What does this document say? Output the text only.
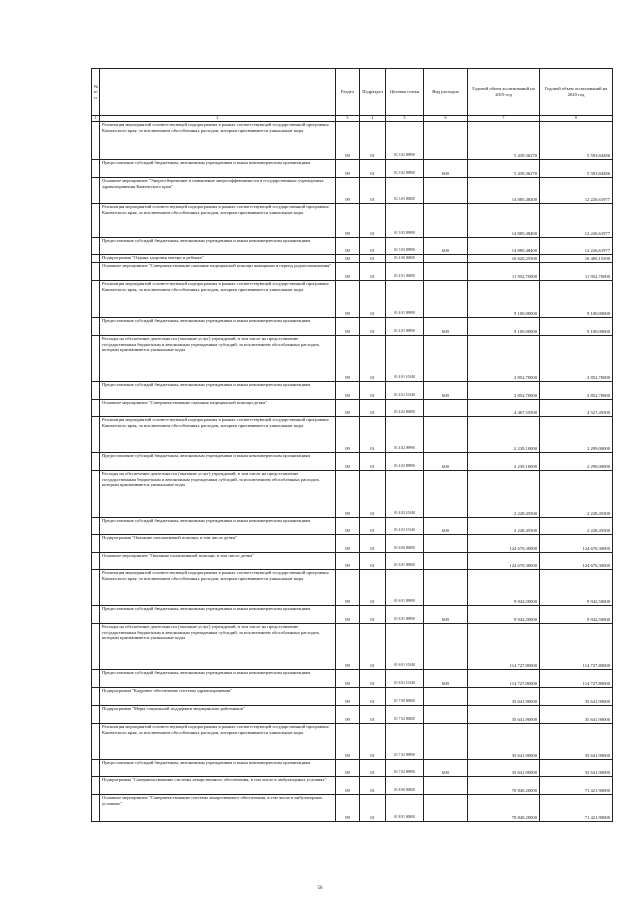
№ п/п		Раздел	Подраздел	Целевая статья	Вид расходов	Годовой объем ассигнований на 2019 год	Годовой объем ассигнований на 2020 год
1	2	3	4	5	6	7	8
	Реализация мероприятий соответствующей подпрограммы в рамках соответствующей государственной программы Камчатского края, за исключением обособленных расходов, которым присваиваются уникальные коды	09	01	01 3 02 09990		5 439,36270	5 593,84486
	Предоставление субсидий бюджетным, автономным учреждениям и иным некоммерческим организациям	09	01	01 3 02 09990	600	5 439,36270	5 593,84486
	Основное мероприятие "Энергосбережение и повышение энергоэффективности в государственных учреждениях здравоохранения Камчатского края"	09	01	01 3 03 00000		14 885,48400	12 226,61977
	Реализация мероприятий соответствующей подпрограммы в рамках соответствующей государственной программы Камчатского края, за исключением обособленных расходов, которым присваиваются уникальные коды	09	01	01 3 03 09990		14 885,48400	12 226,61977
	Предоставление субсидий бюджетным, автономным учреждениям и иным некоммерческим организациям	09	01	01 3 03 09990	600	14 885,48400	12 226,61977
	Подпрограмма "Охрана здоровья матери и ребенка"	09	01	01 4 00 00000		16 620,25500	16 480,15500
	Основное мероприятие "Совершенствование оказания медицинской помощи женщинам в период родовспоможения"	09	01	01 4 01 00000		11 952,70000	11 952,70000
	Реализация мероприятий соответствующей подпрограммы в рамках соответствующей государственной программы Камчатского края, за исключением обособленных расходов, которым присваиваются уникальные коды	09	01	01 4 01 09990		9 100,00000	9 100,00000
	Предоставление субсидий бюджетным, автономным учреждениям и иным некоммерческим организациям	09	01	01 4 01 09990	600	9 100,00000	9 100,00000
	Расходы на обеспечение деятельности (оказание услуг) учреждений, в том числе на предоставление государственным бюджетным и автономным учреждениям субсидий, за исключением обособленных расходов, которым присваиваются уникальные коды	09	01	01 4 01 10140		2 852,70000	2 852,70000
	Предоставление субсидий бюджетным, автономным учреждениям и иным некоммерческим организациям	09	01	01 4 01 10140	600	2 852,70000	2 852,70000
	Основное мероприятие "Совершенствование оказания медицинской помощи детям"	09	01	01 4 02 00000		4 467,55500	4 527,45500
	Реализация мероприятий соответствующей подпрограммы в рамках соответствующей государственной программы Камчатского края, за исключением обособленных расходов, которым присваиваются уникальные коды	09	01	01 4 02 09990		2 239,10000	2 299,00000
	Предоставление субсидий бюджетным, автономным учреждениям и иным некоммерческим организациям	09	01	01 4 02 09990	600	2 239,10000	2 299,00000
	Расходы на обеспечение деятельности (оказание услуг) учреждений, в том числе на предоставление государственным бюджетным и автономным учреждениям субсидий, за исключением обособленных расходов, которым присваиваются уникальные коды	09	01	01 4 02 10140		2 228,45500	2 228,45500
	Предоставление субсидий бюджетным, автономным учреждениям и иным некоммерческим организациям	09	01	01 4 02 10140	600	2 228,45500	2 228,45500
	Подпрограмма "Оказание паллиативной помощи, в том числе детям"	09	01	01 6 00 00000		124 670,30000	124 670,30000
	Основное мероприятие "Оказание паллиативной помощи, в том числе детям"	09	01	01 6 01 00000		124 670,30000	124 670,30000
	Реализация мероприятий соответствующей подпрограммы в рамках соответствующей государственной программы Камчатского края, за исключением обособленных расходов, которым присваиваются уникальные коды	09	01	01 6 01 09990		9 942,50000	9 942,50000
	Предоставление субсидий бюджетным, автономным учреждениям и иным некоммерческим организациям	09	01	01 6 01 09990	600	9 942,50000	9 942,50000
	Расходы на обеспечение деятельности (оказание услуг) учреждений, в том числе на предоставление государственным бюджетным и автономным учреждениям субсидий, за исключением обособленных расходов, которым присваиваются уникальные коды	09	01	01 6 01 10140		114 727,80000	114 727,80000
	Предоставление субсидий бюджетным, автономным учреждениям и иным некоммерческим организациям	09	01	01 6 01 10140	600	114 727,80000	114 727,80000
	Подпрограмма "Кадровое обеспечение системы здравоохранения"	09	01	01 7 00 00000		35 641,90000	35 641,90000
	Подпрограмма "Меры социальной поддержки медицинских работников"	09	01	01 7 02 00000		35 641,90000	35 641,90000
	Реализация мероприятий соответствующей подпрограммы в рамках соответствующей государственной программы Камчатского края, за исключением обособленных расходов, которым присваиваются уникальные коды	09	01	01 7 02 09990		35 641,90000	35 641,90000
	Предоставление субсидий бюджетным, автономным учреждениям и иным некоммерческим организациям	09	01	01 7 02 09990	600	35 641,90000	35 641,90000
	Подпрограмма "Совершенствование системы лекарственного обеспечения, в том числе в амбулаторных условиях"	09	01	01 8 00 00000		70 840,20000	71 421,90000
	Основное мероприятие "Совершенствование системы лекарственного обеспечения, в том числе в амбулаторных условиях"	09	01	01 8 01 00000		70 840,20000	71 421,90000
56
